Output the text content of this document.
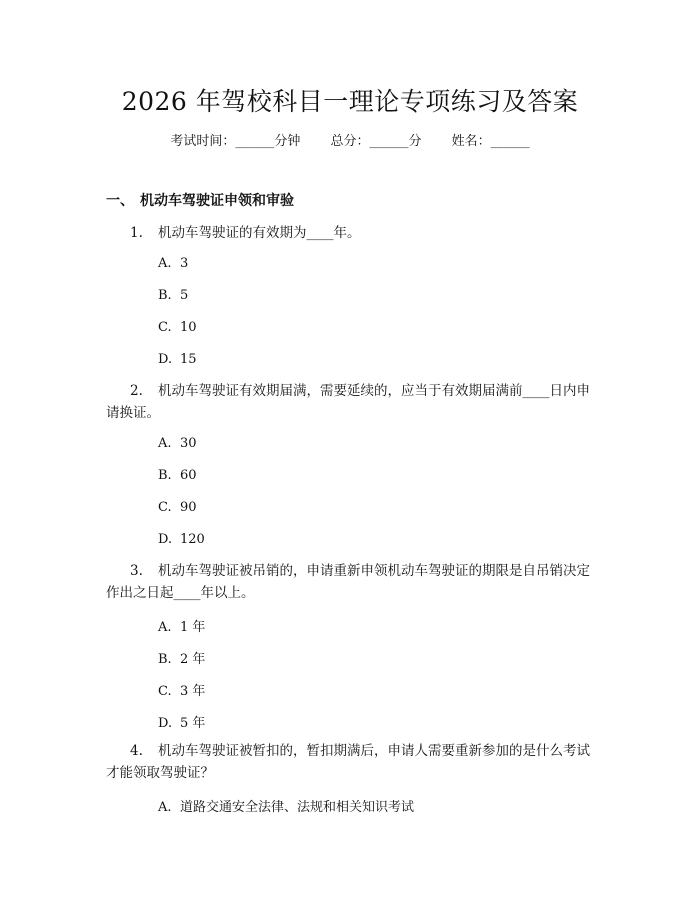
2026 年驾校科目一理论专项练习及答案
考试时间：______分钟 总分：______分 姓名：______
一、 机动车驾驶证申领和审验
1. 机动车驾驶证的有效期为____年。
A. 3
B. 5
C. 10
D. 15
2. 机动车驾驶证有效期届满，需要延续的，应当于有效期届满前____日内申请换证。
A. 30
B. 60
C. 90
D. 120
3. 机动车驾驶证被吊销的，申请重新申领机动车驾驶证的期限是自吊销决定作出之日起____年以上。
A. 1 年
B. 2 年
C. 3 年
D. 5 年
4. 机动车驾驶证被暂扣的，暂扣期满后，申请人需要重新参加的是什么考试才能领取驾驶证？
A. 道路交通安全法律、法规和相关知识考试
